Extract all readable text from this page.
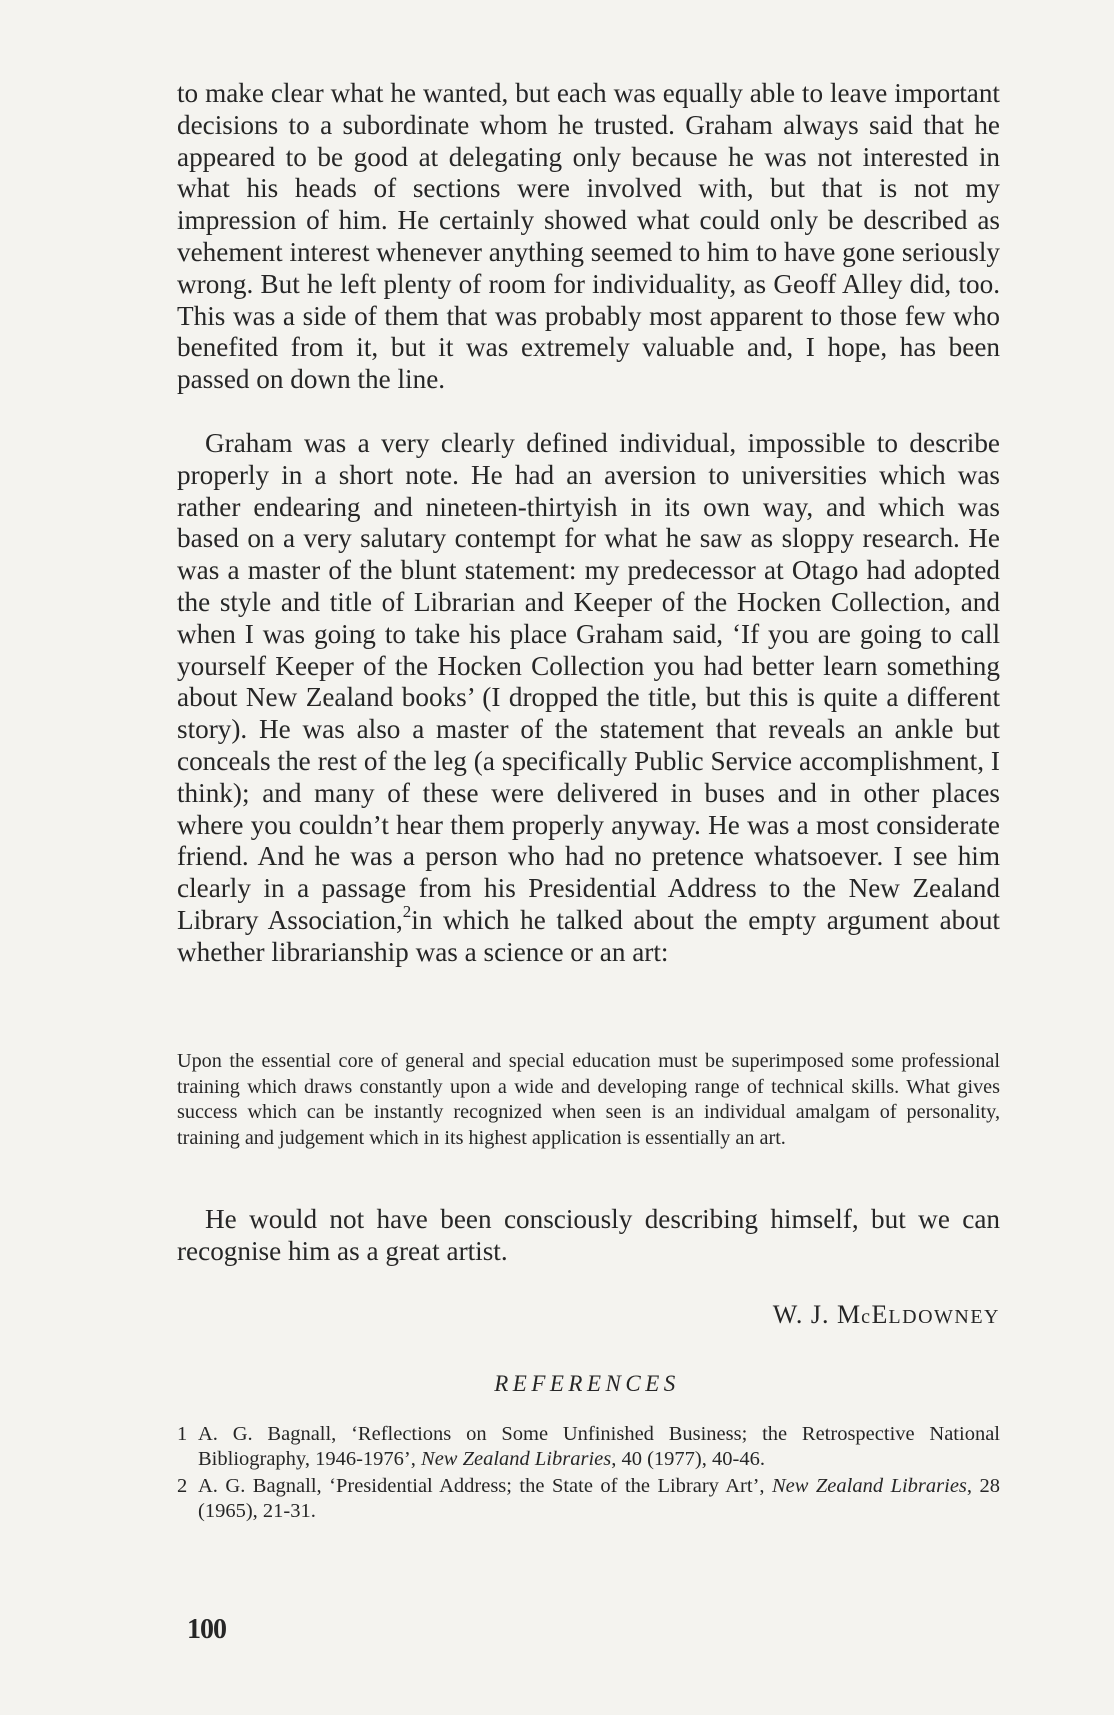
to make clear what he wanted, but each was equally able to leave important decisions to a subordinate whom he trusted. Graham always said that he appeared to be good at delegating only because he was not interested in what his heads of sections were involved with, but that is not my impression of him. He certainly showed what could only be described as vehement interest whenever anything seemed to him to have gone seriously wrong. But he left plenty of room for individuality, as Geoff Alley did, too. This was a side of them that was probably most apparent to those few who benefited from it, but it was extremely valuable and, I hope, has been passed on down the line.

Graham was a very clearly defined individual, impossible to describe properly in a short note. He had an aversion to universities which was rather endearing and nineteen-thirtyish in its own way, and which was based on a very salutary contempt for what he saw as sloppy research. He was a master of the blunt statement: my predecessor at Otago had adopted the style and title of Librarian and Keeper of the Hocken Collection, and when I was going to take his place Graham said, ‘If you are going to call yourself Keeper of the Hocken Collection you had better learn something about New Zealand books’ (I dropped the title, but this is quite a different story). He was also a master of the statement that reveals an ankle but conceals the rest of the leg (a specifically Public Service accomplishment, I think); and many of these were delivered in buses and in other places where you couldn’t hear them properly anyway. He was a most considerate friend. And he was a person who had no pretence whatsoever. I see him clearly in a passage from his Presidential Address to the New Zealand Library Association,$^2$in which he talked about the empty argument about whether librarianship was a science or an art:

Upon the essential core of general and special education must be superimposed some professional training which draws constantly upon a wide and developing range of technical skills. What gives success which can be instantly recognized when seen is an individual amalgam of personality, training and judgement which in its highest application is essentially an art.

He would not have been consciously describing himself, but we can recognise him as a great artist.

W. J. McELDOWNEY

REFERENCES

1 A. G. Bagnall, ‘Reflections on Some Unfinished Business; the Retrospective National Bibliography, 1946-1976’, New Zealand Libraries, 40 (1977), 40-46.
2 A. G. Bagnall, ‘Presidential Address; the State of the Library Art’, New Zealand Libraries, 28 (1965), 21-31.

100
